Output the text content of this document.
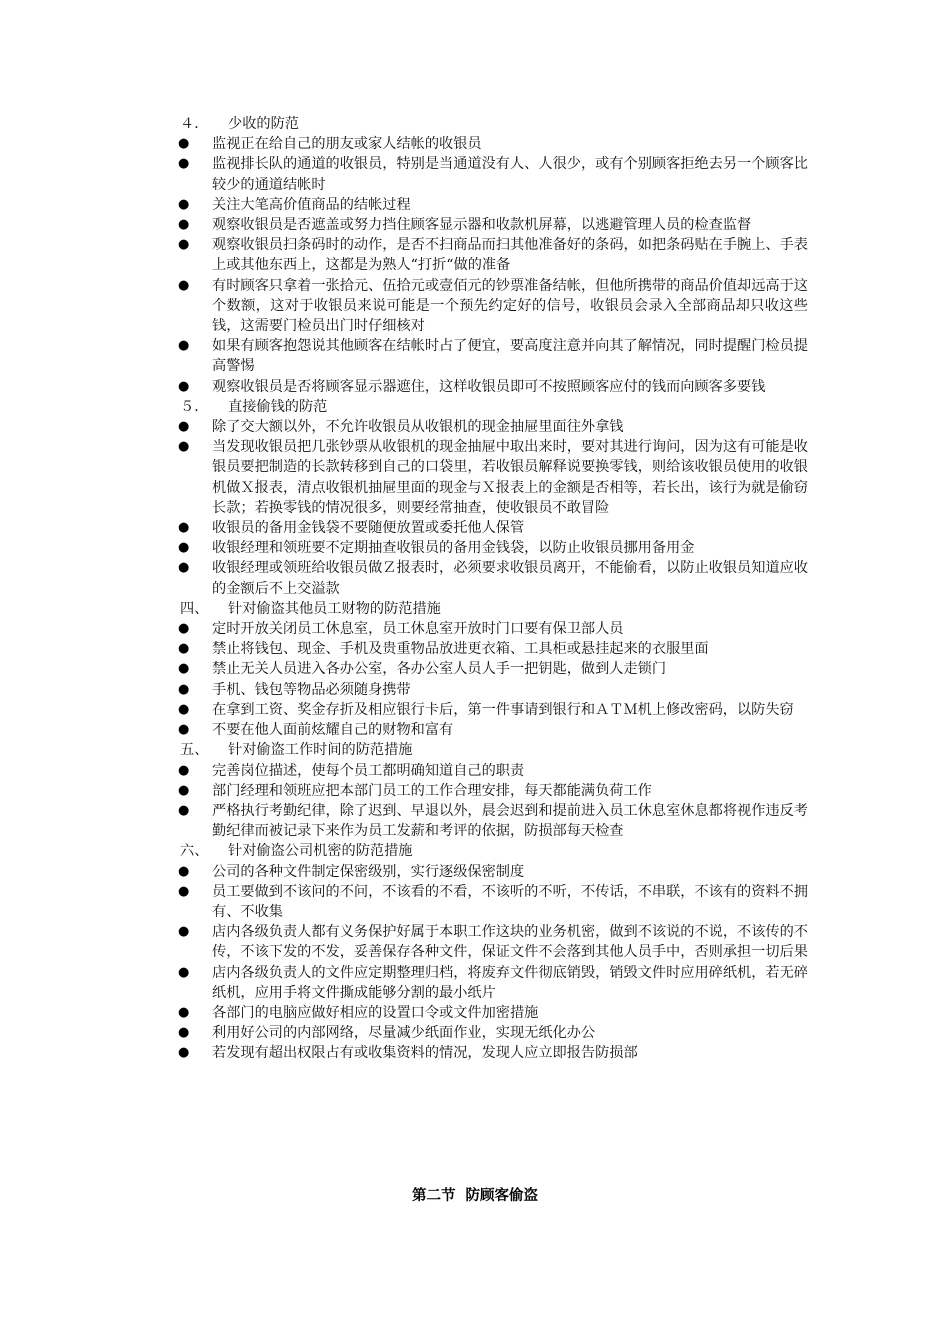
４． 少收的防范

● 监视正在给自己的朋友或家人结帐的收银员
● 监视排长队的通道的收银员，特别是当通道没有人、人很少，或有个别顾客拒绝去另一个顾客比较少的通道结帐时
● 关注大笔高价值商品的结帐过程
● 观察收银员是否遮盖或努力挡住顾客显示器和收款机屏幕，以逃避管理人员的检查监督
● 观察收银员扫条码时的动作，是否不扫商品而扫其他准备好的条码，如把条码贴在手腕上、手表上或其他东西上，这都是为熟人“打折“做的准备
● 有时顾客只拿着一张拾元、伍拾元或壹佰元的钞票准备结帐，但他所携带的商品价值却远高于这个数额，这对于收银员来说可能是一个预先约定好的信号，收银员会录入全部商品却只收这些钱，这需要门检员出门时仔细核对
● 如果有顾客抱怨说其他顾客在结帐时占了便宜，要高度注意并向其了解情况，同时提醒门检员提高警惕
● 观察收银员是否将顾客显示器遮住，这样收银员即可不按照顾客应付的钱而向顾客多要钱

５． 直接偷钱的防范

● 除了交大额以外，不允许收银员从收银机的现金抽屉里面往外拿钱
● 当发现收银员把几张钞票从收银机的现金抽屉中取出来时，要对其进行询问，因为这有可能是收银员要把制造的长款转移到自己的口袋里，若收银员解释说要换零钱，则给该收银员使用的收银机做Ｘ报表，清点收银机抽屉里面的现金与Ｘ报表上的金额是否相等，若长出，该行为就是偷窃长款；若换零钱的情况很多，则要经常抽查，使收银员不敢冒险
● 收银员的备用金钱袋不要随便放置或委托他人保管
● 收银经理和领班要不定期抽查收银员的备用金钱袋，以防止收银员挪用备用金
● 收银经理或领班给收银员做Ｚ报表时，必须要求收银员离开，不能偷看，以防止收银员知道应收的金额后不上交溢款

四、 针对偷盗其他员工财物的防范措施

● 定时开放关闭员工休息室，员工休息室开放时门口要有保卫部人员
● 禁止将钱包、现金、手机及贵重物品放进更衣箱、工具柜或悬挂起来的衣服里面
● 禁止无关人员进入各办公室，各办公室人员人手一把钥匙，做到人走锁门
● 手机、钱包等物品必须随身携带
● 在拿到工资、奖金存折及相应银行卡后，第一件事请到银行和ＡＴＭ机上修改密码，以防失窃
● 不要在他人面前炫耀自己的财物和富有

五、 针对偷盗工作时间的防范措施

● 完善岗位描述，使每个员工都明确知道自己的职责
● 部门经理和领班应把本部门员工的工作合理安排，每天都能满负荷工作
● 严格执行考勤纪律，除了迟到、早退以外，晨会迟到和提前进入员工休息室休息都将视作违反考勤纪律而被记录下来作为员工发薪和考评的依据，防损部每天检查

六、 针对偷盗公司机密的防范措施

● 公司的各种文件制定保密级别，实行逐级保密制度
● 员工要做到不该问的不问，不该看的不看，不该听的不听，不传话，不串联，不该有的资料不拥有、不收集
● 店内各级负责人都有义务保护好属于本职工作这块的业务机密，做到不该说的不说，不该传的不传，不该下发的不发，妥善保存各种文件，保证文件不会落到其他人员手中，否则承担一切后果
● 店内各级负责人的文件应定期整理归档，将废弃文件彻底销毁，销毁文件时应用碎纸机，若无碎纸机，应用手将文件撕成能够分割的最小纸片
● 各部门的电脑应做好相应的设置口令或文件加密措施
● 利用好公司的内部网络，尽量减少纸面作业，实现无纸化办公
● 若发现有超出权限占有或收集资料的情况，发现人应立即报告防损部
第二节 防顾客偷盗
